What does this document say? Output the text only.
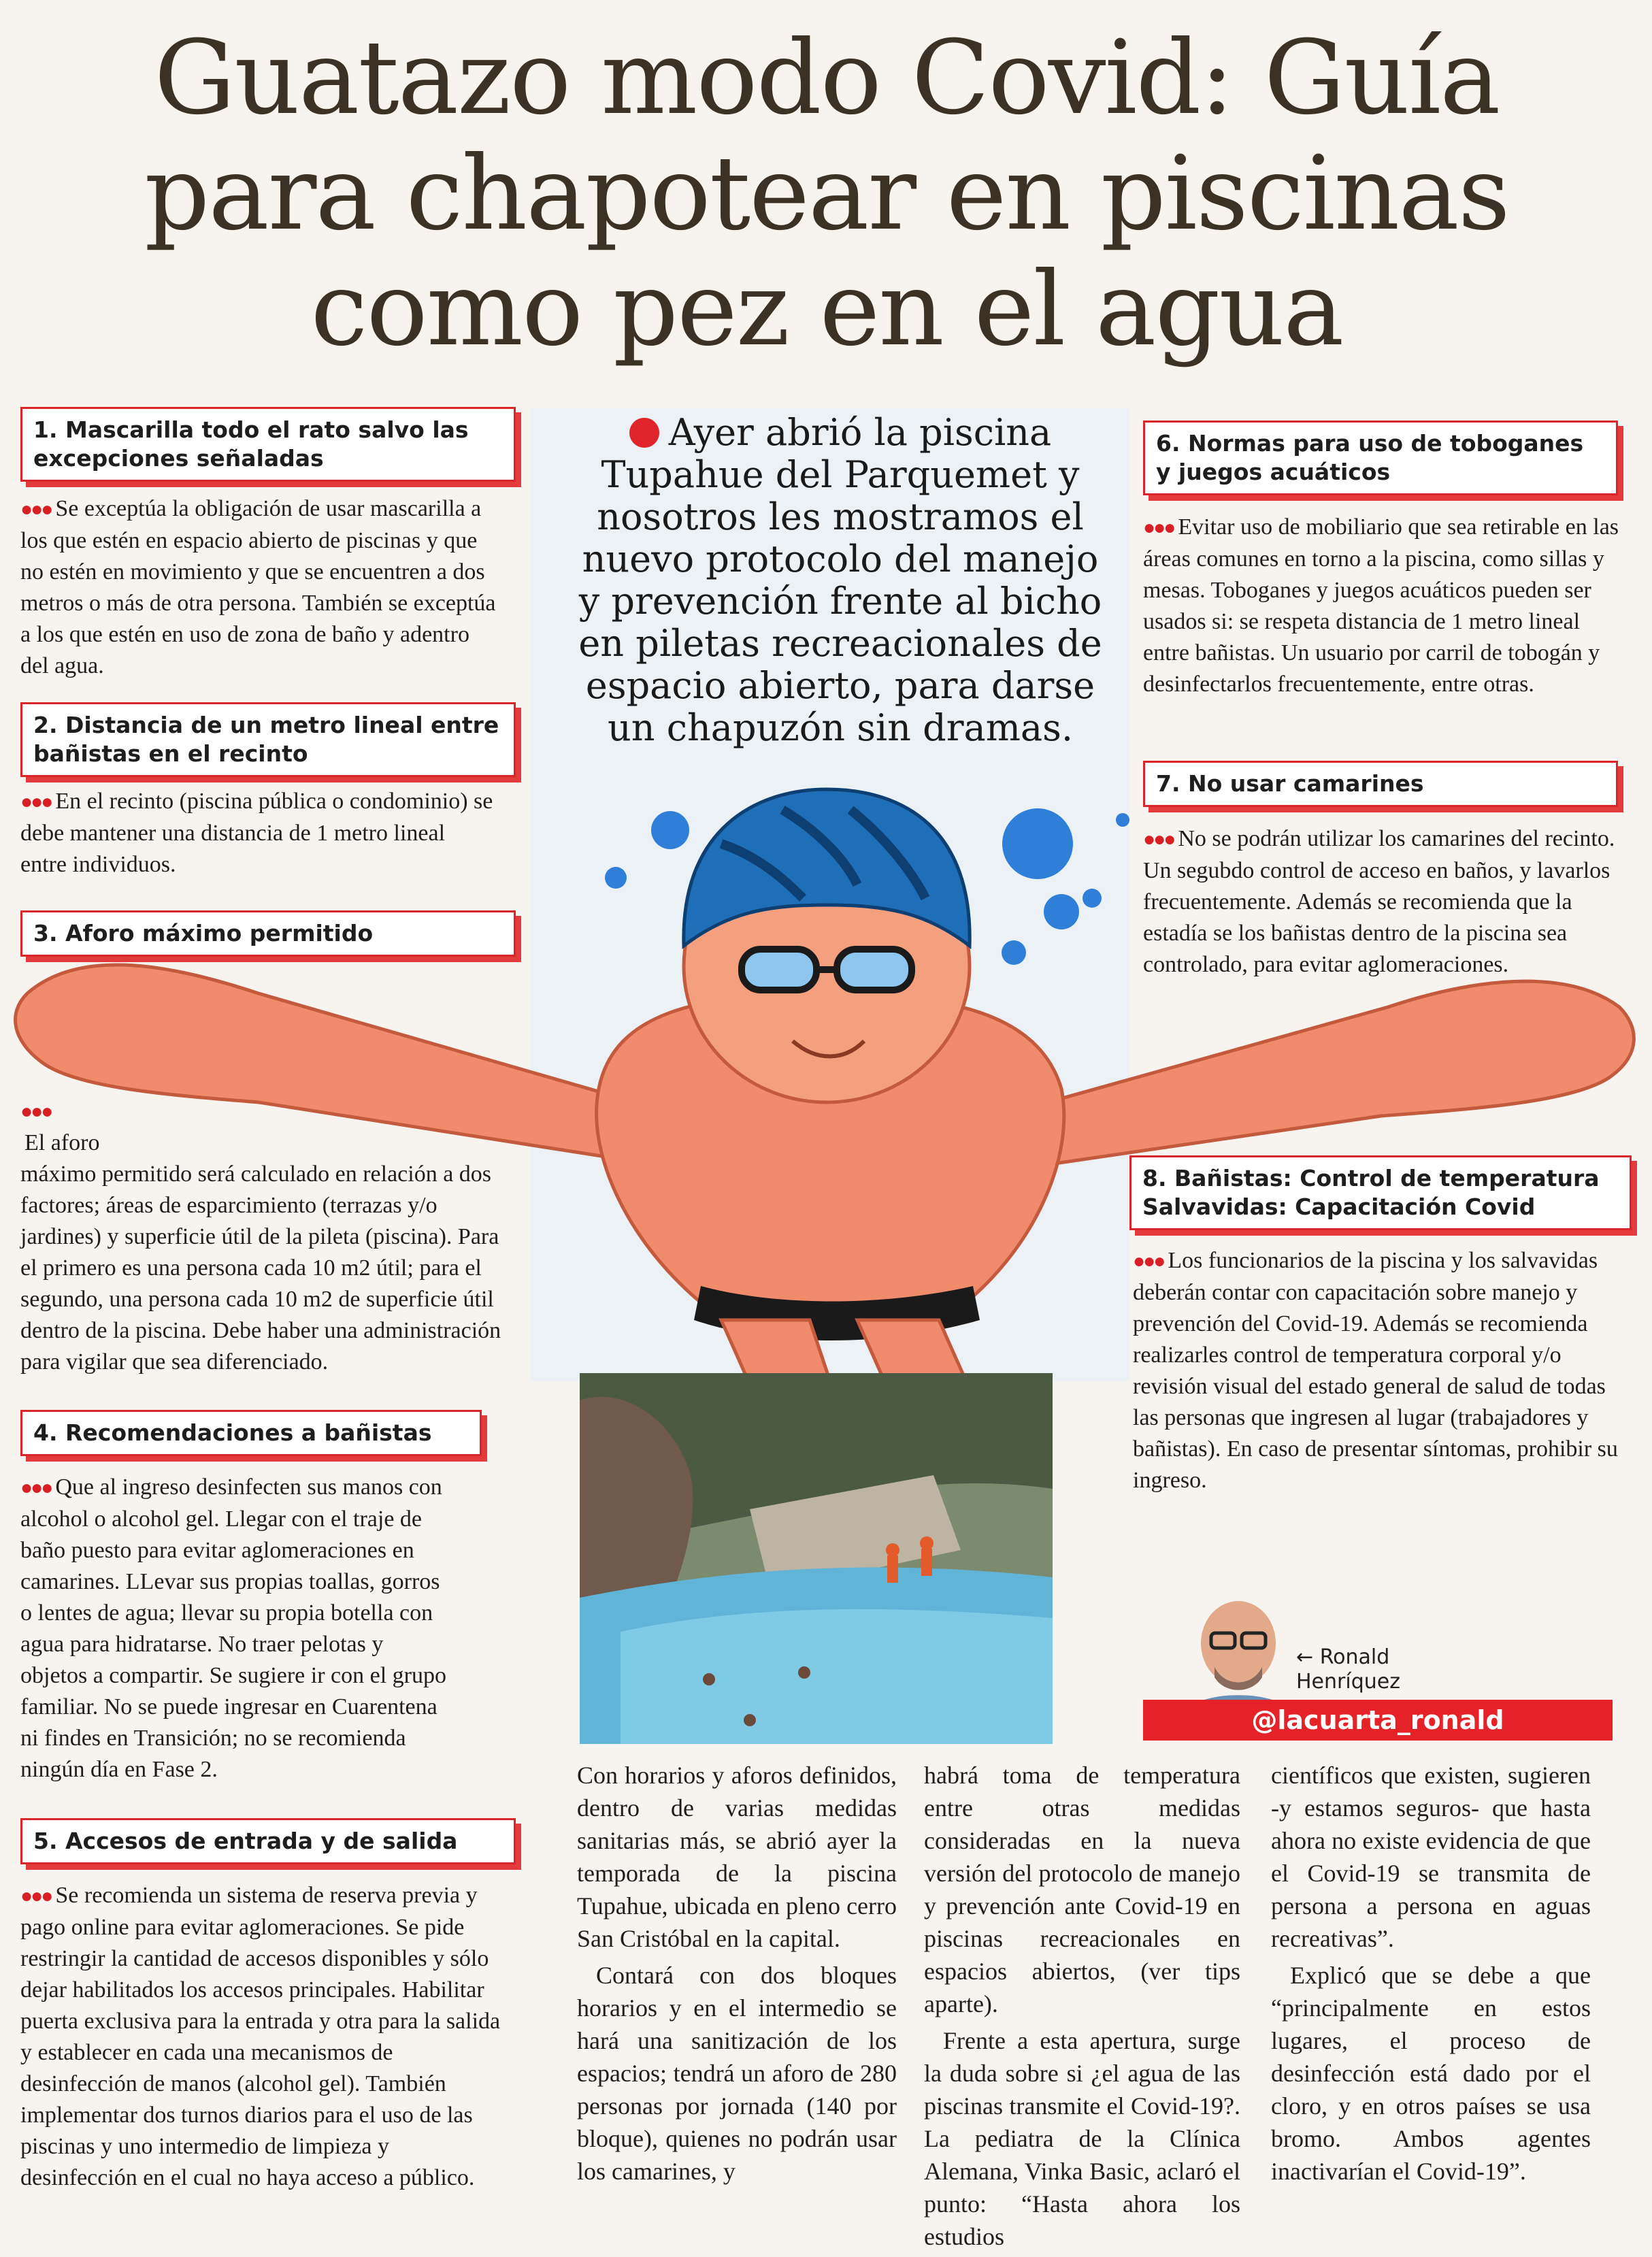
Guatazo modo Covid: Guía
para chapotear en piscinas
como pez en el agua
Ayer abrió la piscina Tupahue del Parquemet y nosotros les mostramos el nuevo protocolo del manejo y prevención frente al bicho en piletas recreacionales de espacio abierto, para darse un chapuzón sin dramas.
1. Mascarilla todo el rato salvo las excepciones señaladas
●●● Se exceptúa la obligación de usar mascarilla a los que estén en espacio abierto de piscinas y que no estén en movimiento y que se encuentren a dos metros o más de otra persona. También se exceptúa a los que estén en uso de zona de baño y adentro del agua.
2. Distancia de un metro lineal entre bañistas en el recinto
●●● En el recinto (piscina pública o condominio) se debe mantener una distancia de 1 metro lineal entre individuos.
3. Aforo máximo permitido
●●●
El aforo
máximo permitido será calculado en relación a dos factores; áreas de esparcimiento (terrazas y/o jardines) y superficie útil de la pileta (piscina). Para el primero es una persona cada 10 m2 útil; para el segundo, una persona cada 10 m2 de superficie útil dentro de la piscina. Debe haber una administración para vigilar que sea diferenciado.
4. Recomendaciones a bañistas
●●● Que al ingreso desinfecten sus manos con alcohol o alcohol gel. Llegar con el traje de baño puesto para evitar aglomeraciones en camarines. LLevar sus propias toallas, gorros o lentes de agua; llevar su propia botella con agua para hidratarse. No traer pelotas y objetos a compartir. Se sugiere ir con el grupo familiar. No se puede ingresar en Cuarentena ni findes en Transición; no se recomienda ningún día en Fase 2.
5. Accesos de entrada y de salida
●●● Se recomienda un sistema de reserva previa y pago online para evitar aglomeraciones. Se pide restringir la cantidad de accesos disponibles y sólo dejar habilitados los accesos principales. Habilitar puerta exclusiva para la entrada y otra para la salida y establecer en cada una mecanismos de desinfección de manos (alcohol gel). También implementar dos turnos diarios para el uso de las piscinas y uno intermedio de limpieza y desinfección en el cual no haya acceso a público.
6. Normas para uso de toboganes y juegos acuáticos
●●● Evitar uso de mobiliario que sea retirable en las áreas comunes en torno a la piscina, como sillas y mesas. Toboganes y juegos acuáticos pueden ser usados si: se respeta distancia de 1 metro lineal entre bañistas. Un usuario por carril de tobogán y desinfectarlos frecuentemente, entre otras.
7. No usar camarines
●●● No se podrán utilizar los camarines del recinto. Un segubdo control de acceso en baños, y lavarlos frecuentemente. Además se recomienda que la estadía se los bañistas dentro de la piscina sea controlado, para evitar aglomeraciones.
8. Bañistas: Control de temperatura Salvavidas: Capacitación Covid
●●● Los funcionarios de la piscina y los salvavidas deberán contar con capacitación sobre manejo y prevención del Covid-19. Además se recomienda realizarles control de temperatura corporal y/o revisión visual del estado general de salud de todas las personas que ingresen al lugar (trabajadores y bañistas). En caso de presentar síntomas, prohibir su ingreso.
← Ronald
Henríquez
@lacuarta_ronald

Con horarios y aforos definidos, dentro de varias medidas sanitarias más, se abrió ayer la temporada de la piscina Tupahue, ubicada en pleno cerro San Cristóbal en la capital.

Contará con dos bloques horarios y en el intermedio se hará una sanitización de los espacios; tendrá un aforo de 280 personas por jornada (140 por bloque), quienes no podrán usar los camarines, y

habrá toma de temperatura entre otras medidas consideradas en la nueva versión del protocolo de manejo y prevención ante Covid-19 en piscinas recreacionales en espacios abiertos, (ver tips aparte).

Frente a esta apertura, surge la duda sobre si ¿el agua de las piscinas transmite el Covid-19?. La pediatra de la Clínica Alemana, Vinka Basic, aclaró el punto: “Hasta ahora los estudios

científicos que existen, sugieren -y estamos seguros- que hasta ahora no existe evidencia de que el Covid-19 se transmita de persona a persona en aguas recreativas”.

Explicó que se debe a que “principalmente en estos lugares, el proceso de desinfección está dado por el cloro, y en otros países se usa bromo. Ambos agentes inactivarían el Covid-19”.
